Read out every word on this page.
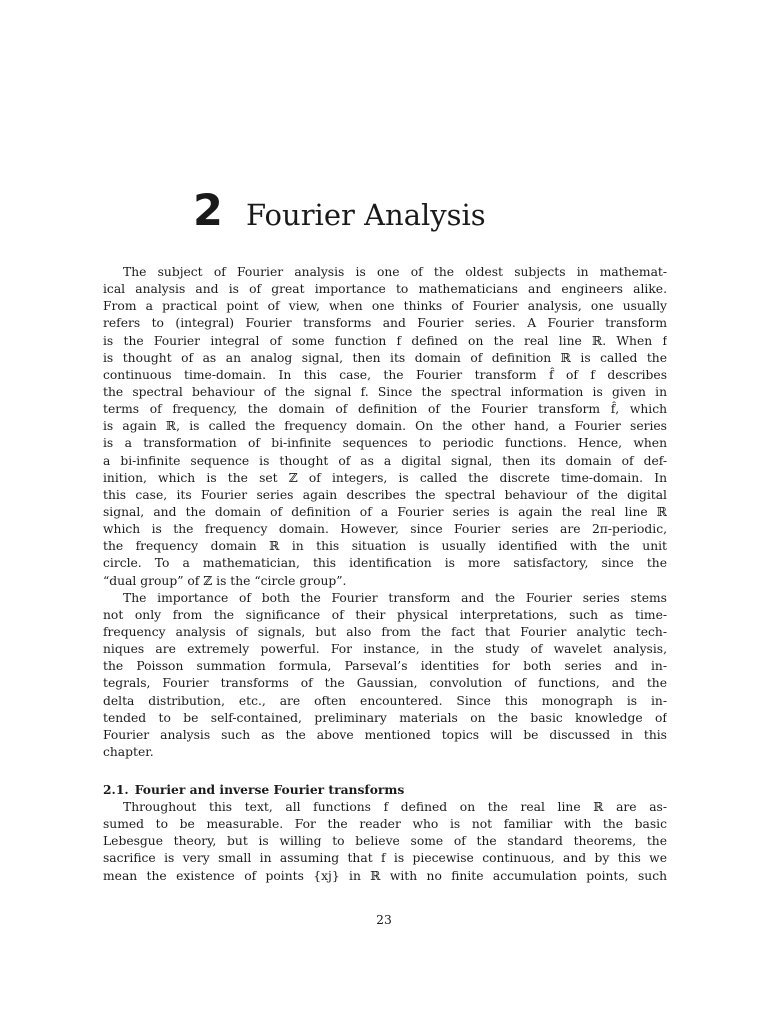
2 Fourier Analysis
The subject of Fourier analysis is one of the oldest subjects in mathemat-
ical analysis and is of great importance to mathematicians and engineers alike.
From a practical point of view, when one thinks of Fourier analysis, one usually
refers to (integral) Fourier transforms and Fourier series. A Fourier transform
is the Fourier integral of some function f defined on the real line ℝ. When f
is thought of as an analog signal, then its domain of definition ℝ is called the
continuous time-domain. In this case, the Fourier transform f̂ of f describes
the spectral behaviour of the signal f. Since the spectral information is given in
terms of frequency, the domain of definition of the Fourier transform f̂, which
is again ℝ, is called the frequency domain. On the other hand, a Fourier series
is a transformation of bi-infinite sequences to periodic functions. Hence, when
a bi-infinite sequence is thought of as a digital signal, then its domain of def-
inition, which is the set ℤ of integers, is called the discrete time-domain. In
this case, its Fourier series again describes the spectral behaviour of the digital
signal, and the domain of definition of a Fourier series is again the real line ℝ
which is the frequency domain. However, since Fourier series are 2π-periodic,
the frequency domain ℝ in this situation is usually identified with the unit
circle. To a mathematician, this identification is more satisfactory, since the
“dual group” of ℤ is the “circle group”.
The importance of both the Fourier transform and the Fourier series stems
not only from the significance of their physical interpretations, such as time-
frequency analysis of signals, but also from the fact that Fourier analytic tech-
niques are extremely powerful. For instance, in the study of wavelet analysis,
the Poisson summation formula, Parseval’s identities for both series and in-
tegrals, Fourier transforms of the Gaussian, convolution of functions, and the
delta distribution, etc., are often encountered. Since this monograph is in-
tended to be self-contained, preliminary materials on the basic knowledge of
Fourier analysis such as the above mentioned topics will be discussed in this
chapter.
2.1. Fourier and inverse Fourier transforms
Throughout this text, all functions f defined on the real line ℝ are as-
sumed to be measurable. For the reader who is not familiar with the basic
Lebesgue theory, but is willing to believe some of the standard theorems, the
sacrifice is very small in assuming that f is piecewise continuous, and by this we
mean the existence of points {xj} in ℝ with no finite accumulation points, such
23
